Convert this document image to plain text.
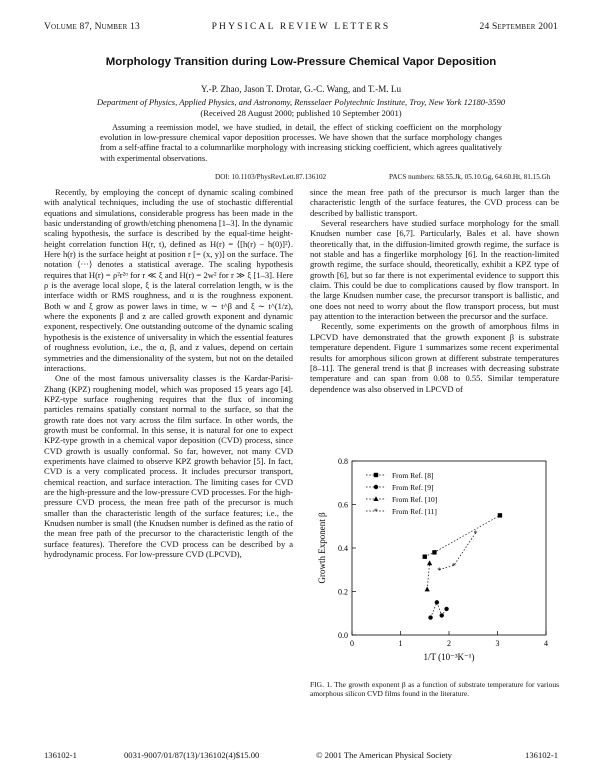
Volume 87, Number 13	PHYSICAL REVIEW LETTERS	24 September 2001
Morphology Transition during Low-Pressure Chemical Vapor Deposition
Y.-P. Zhao, Jason T. Drotar, G.-C. Wang, and T.-M. Lu
Department of Physics, Applied Physics, and Astronomy, Rensselaer Polytechnic Institute, Troy, New York 12180-3590
(Received 28 August 2000; published 10 September 2001)
Assuming a reemission model, we have studied, in detail, the effect of sticking coefficient on the morphology evolution in low-pressure chemical vapor deposition processes. We have shown that the surface morphology changes from a self-affine fractal to a columnarlike morphology with increasing sticking coefficient, which agrees qualitatively with experimental observations.
DOI: 10.1103/PhysRevLett.87.136102	PACS numbers: 68.55.Jk, 05.10.Gg, 64.60.Ht, 81.15.Gh

Recently, by employing the concept of dynamic scaling combined with analytical techniques, including the use of stochastic differential equations and simulations, considerable progress has been made in the basic understanding of growth/etching phenomena [1–3]. In the dynamic scaling hypothesis, the surface is described by the equal-time height-height correlation function H(r, t), defined as H(r) = ⟨[h(r) − h(0)]²⟩. Here h(r) is the surface height at position r [= (x, y)] on the surface. The notation ⟨···⟩ denotes a statistical average. The scaling hypothesis requires that H(r) = ρ²r²ᵅ for r ≪ ξ and H(r) = 2w² for r ≫ ξ [1–3]. Here ρ is the average local slope, ξ is the lateral correlation length, w is the interface width or RMS roughness, and α is the roughness exponent. Both w and ξ grow as power laws in time, w ∼ t^β and ξ ∼ t^(1/z), where the exponents β and z are called growth exponent and dynamic exponent, respectively. One outstanding outcome of the dynamic scaling hypothesis is the existence of universality in which the essential features of roughness evolution, i.e., the α, β, and z values, depend on certain symmetries and the dimensionality of the system, but not on the detailed interactions.

One of the most famous universality classes is the Kardar-Parisi-Zhang (KPZ) roughening model, which was proposed 15 years ago [4]. KPZ-type surface roughening requires that the flux of incoming particles remains spatially constant normal to the surface, so that the growth rate does not vary across the film surface. In other words, the growth must be conformal. In this sense, it is natural for one to expect KPZ-type growth in a chemical vapor deposition (CVD) process, since CVD growth is usually conformal. So far, however, not many CVD experiments have claimed to observe KPZ growth behavior [5]. In fact, CVD is a very complicated process. It includes precursor transport, chemical reaction, and surface interaction. The limiting cases for CVD are the high-pressure and the low-pressure CVD processes. For the high-pressure CVD process, the mean free path of the precursor is much smaller than the characteristic length of the surface features; i.e., the Knudsen number is small (the Knudsen number is defined as the ratio of the mean free path of the precursor to the characteristic length of the surface features). Therefore the CVD process can be described by a hydrodynamic process. For low-pressure CVD (LPCVD),

since the mean free path of the precursor is much larger than the characteristic length of the surface features, the CVD process can be described by ballistic transport.

Several researchers have studied surface morphology for the small Knudsen number case [6,7]. Particularly, Bales et al. have shown theoretically that, in the diffusion-limited growth regime, the surface is not stable and has a fingerlike morphology [6]. In the reaction-limited growth regime, the surface should, theoretically, exhibit a KPZ type of growth [6], but so far there is not experimental evidence to support this claim. This could be due to complications caused by flow transport. In the large Knudsen number case, the precursor transport is ballistic, and one does not need to worry about the flow transport process, but must pay attention to the interaction between the precursor and the surface.

Recently, some experiments on the growth of amorphous films in LPCVD have demonstrated that the growth exponent β is substrate temperature dependent. Figure 1 summarizes some recent experimental results for amorphous silicon grown at different substrate temperatures [8–11]. The general trend is that β increases with decreasing substrate temperature and can span from 0.08 to 0.55. Similar temperature dependence was also observed in LPCVD of

0	1	2	3	4
0.0
0.2
0.4
0.6
0.8
* *
*
From Ref. [8]
From Ref. [9]
From Ref. [10]
* From Ref. [11]
Growth Exponent β
1/T (10⁻³K⁻¹)
FIG. 1. The growth exponent β as a function of substrate temperature for various amorphous silicon CVD films found in the literature.
136102-1	0031-9007/01/87(13)/136102(4)$15.00	© 2001 The American Physical Society	136102-1
